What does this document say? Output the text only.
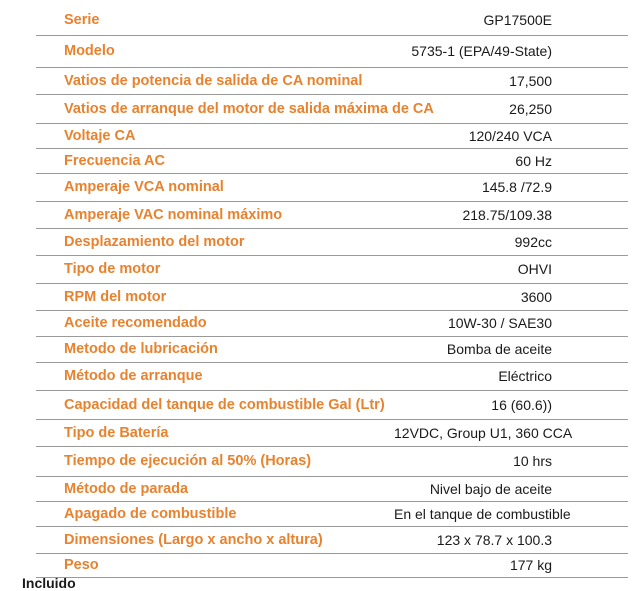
Serie	GP17500E
Modelo	5735-1 (EPA/49-State)
Vatios de potencia de salida de CA nominal	17,500
Vatios de arranque del motor de salida máxima de CA	26,250
Voltaje CA	120/240 VCA
Frecuencia AC	60 Hz
Amperaje VCA nominal	145.8 /72.9
Amperaje VAC nominal máximo	218.75/109.38
Desplazamiento del motor	992cc
Tipo de motor	OHVI
RPM del motor	3600
Aceite recomendado	10W-30 / SAE30
Metodo de lubricación	Bomba de aceite
Método de arranque	Eléctrico
Capacidad del tanque de combustible Gal (Ltr)	16 (60.6))
Tipo de Batería	12VDC, Group U1, 360 CCA
Tiempo de ejecución al 50% (Horas)	10 hrs
Método de parada	Nivel bajo de aceite
Apagado de combustible	En el tanque de combustible
Dimensiones (Largo x ancho x altura)	123 x 78.7 x 100.3
Peso	177 kg
Incluido
